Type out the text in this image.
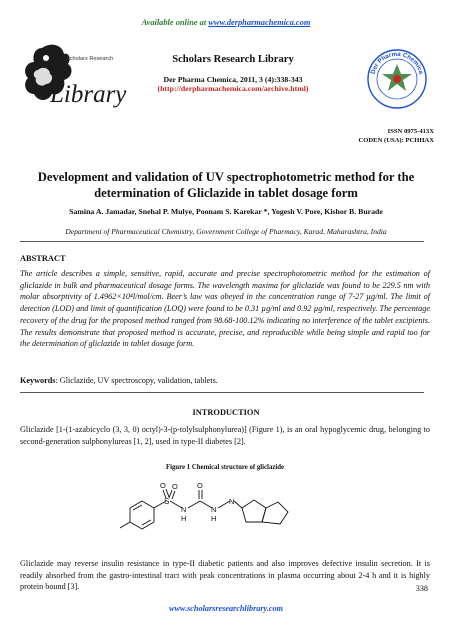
Available online at www.derpharmachemica.com
Scholars Research
Library
Scholars Research Library
Der Pharma Chemica, 2011, 3 (4):338-343
(http://derpharmachemica.com/archive.html)
Der Pharma Chemica
ISSN 0975-413X
CODEN (USA): PCHHAX
Development and validation of UV spectrophotometric method for the determination of Gliclazide in tablet dosage form
Samina A. Jamadar, Snehal P. Mulye, Poonam S. Karekar *, Yogesh V. Pore, Kishor B. Burade
Department of Pharmaceutical Chemistry, Government College of Pharmacy, Karad, Maharashtra, India
ABSTRACT
The article describes a simple, sensitive, rapid, accurate and precise spectrophotometric method for the estimation of gliclazide in bulk and pharmaceutical dosage forms. The wavelength maxima for gliclazide was found to be 229.5 nm with molar absorptivity of 1.4962×10⁴l/mol/cm. Beer’s law was obeyed in the concentration range of 7-27 µg/ml. The limit of detection (LOD) and limit of quantification (LOQ) were found to be 0.31 µg/ml and 0.92 µg/ml, respectively. The percentage recovery of the drug for the proposed method ranged from 98.68-100.12% indicating no interference of the tablet excipients. The results demonstrate that proposed method is accurate, precise, and reproducible while being simple and rapid too for the determination of gliclazide in tablet dosage form.
Keywords: Gliclazide, UV spectroscopy, validation, tablets.
INTRODUCTION
Gliclazide [1-(1-azabicyclo (3, 3, 0) octyl)-3-(p-tolylsulphonylurea)] (Figure 1), is an oral hypoglycemic drug, belonging to second-generation sulphonylureas [1, 2], used in type-II diabetes [2].
Figure 1 Chemical structure of gliclazide
S
O O
N
H
O
N
H
N
Gliclazide may reverse insulin resistance in type-II diabetic patients and also improves defective insulin secretion. It is readily absorbed from the gastro-intestinal tract with peak concentrations in plasma occurring about 2-4 h and it is highly protein bound [3].	338
www.scholarsresearchlibrary.com
